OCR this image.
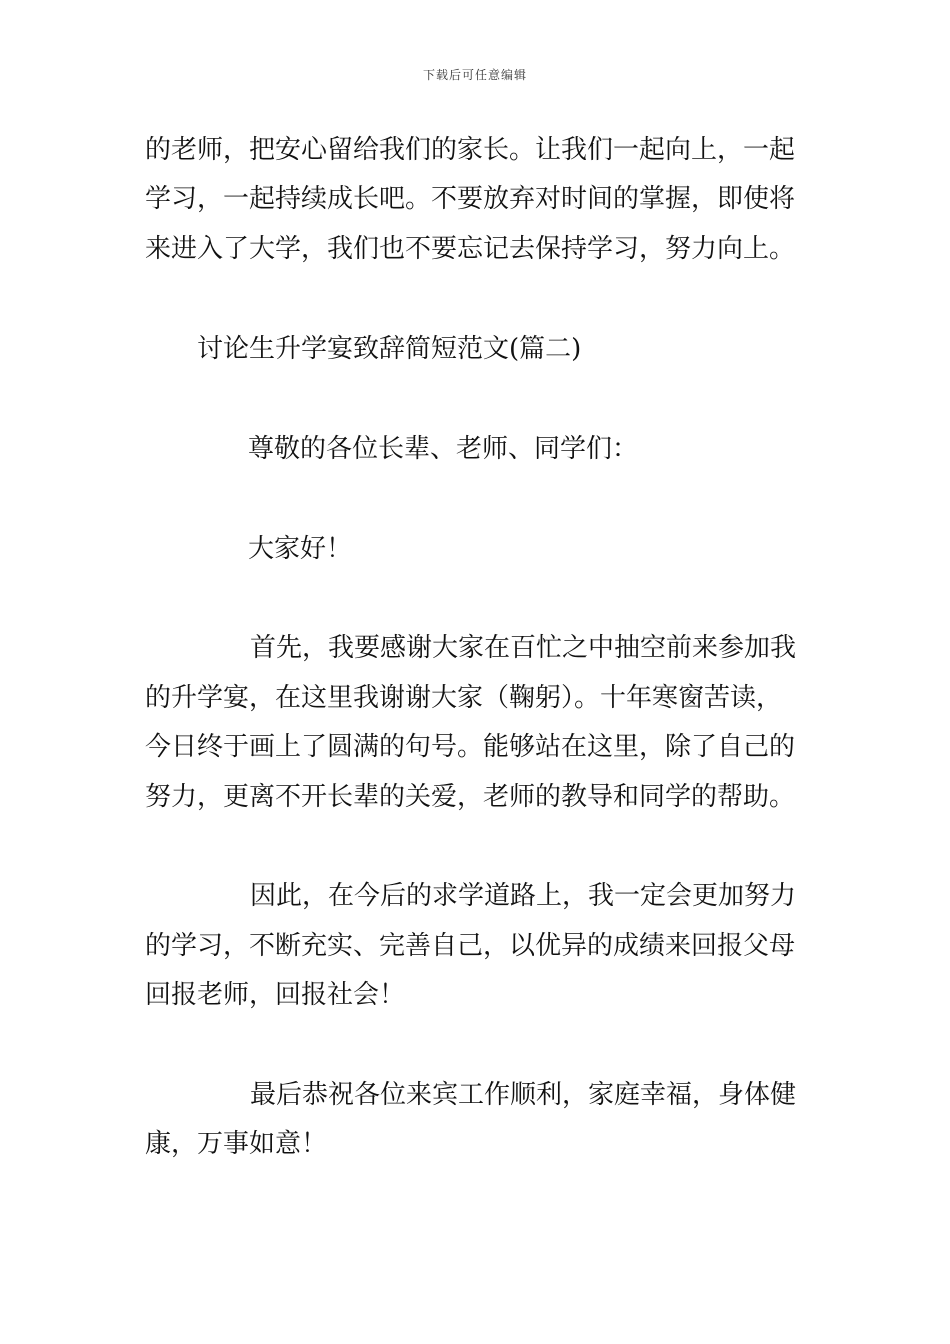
下载后可任意编辑
的老师，把安心留给我们的家长。让我们一起向上，一起
学习，一起持续成长吧。不要放弃对时间的掌握，即使将
来进入了大学，我们也不要忘记去保持学习，努力向上。
讨论生升学宴致辞简短范文(篇二)
尊敬的各位长辈、老师、同学们：
大家好！
首先，我要感谢大家在百忙之中抽空前来参加我
的升学宴，在这里我谢谢大家（鞠躬）。十年寒窗苦读，
今日终于画上了圆满的句号。能够站在这里，除了自己的
努力，更离不开长辈的关爱，老师的教导和同学的帮助。
因此，在今后的求学道路上，我一定会更加努力
的学习，不断充实、完善自己，以优异的成绩来回报父母
回报老师，回报社会！
最后恭祝各位来宾工作顺利，家庭幸福，身体健
康，万事如意！
